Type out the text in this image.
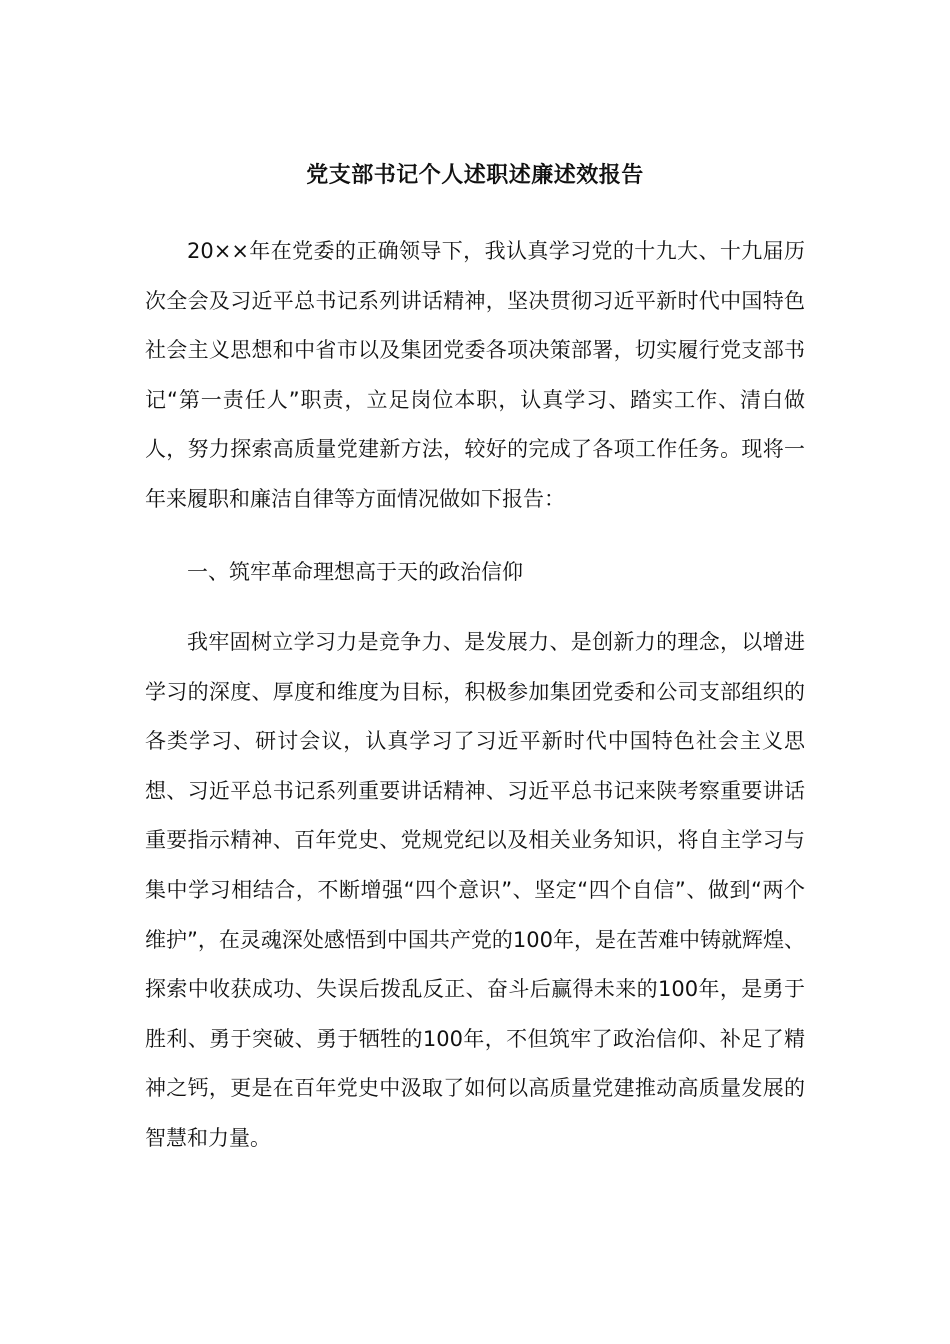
党支部书记个人述职述廉述效报告

20××年在党委的正确领导下，我认真学习党的十九大、十九届历次全会及习近平总书记系列讲话精神，坚决贯彻习近平新时代中国特色社会主义思想和中省市以及集团党委各项决策部署，切实履行党支部书记“第一责任人”职责，立足岗位本职，认真学习、踏实工作、清白做人，努力探索高质量党建新方法，较好的完成了各项工作任务。现将一年来履职和廉洁自律等方面情况做如下报告：

一、筑牢革命理想高于天的政治信仰

我牢固树立学习力是竞争力、是发展力、是创新力的理念，以增进学习的深度、厚度和维度为目标，积极参加集团党委和公司支部组织的各类学习、研讨会议，认真学习了习近平新时代中国特色社会主义思想、习近平总书记系列重要讲话精神、习近平总书记来陕考察重要讲话重要指示精神、百年党史、党规党纪以及相关业务知识，将自主学习与集中学习相结合，不断增强“四个意识”、坚定“四个自信”、做到“两个维护”，在灵魂深处感悟到中国共产党的100年，是在苦难中铸就辉煌、探索中收获成功、失误后拨乱反正、奋斗后赢得未来的100年，是勇于胜利、勇于突破、勇于牺牲的100年，不但筑牢了政治信仰、补足了精神之钙，更是在百年党史中汲取了如何以高质量党建推动高质量发展的智慧和力量。
